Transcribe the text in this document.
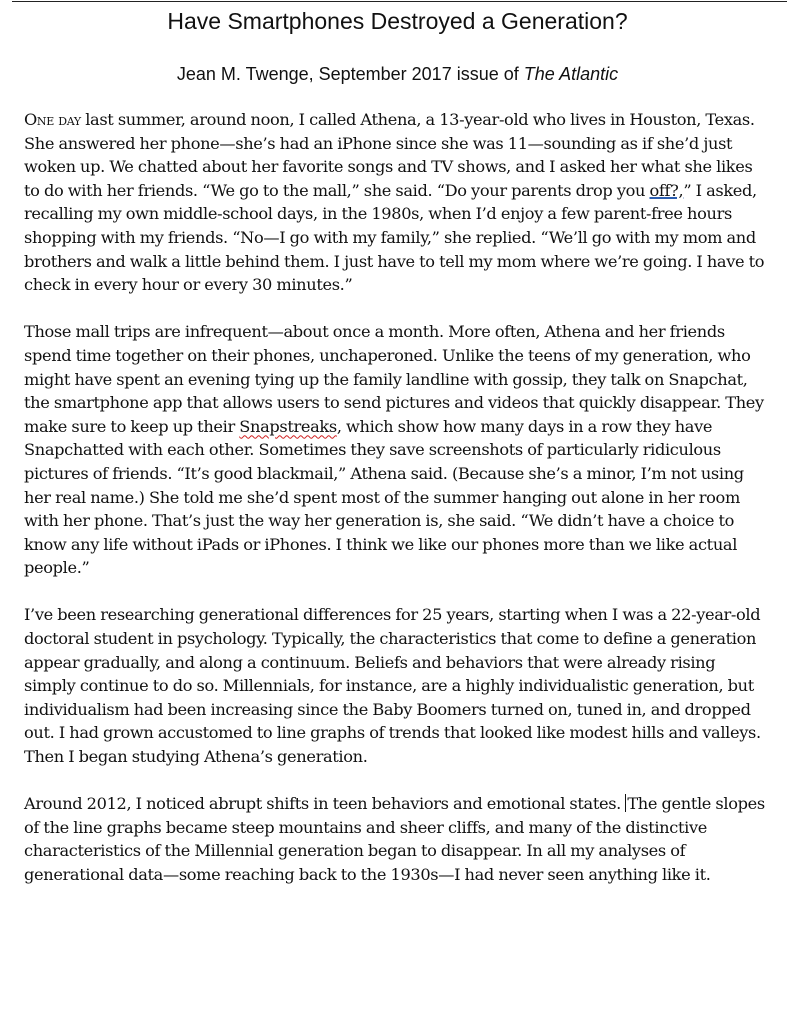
Have Smartphones Destroyed a Generation?
Jean M. Twenge, September 2017 issue of The Atlantic

One day last summer, around noon, I called Athena, a 13-year-old who lives in Houston, Texas. She answered her phone—she’s had an iPhone since she was 11—sounding as if she’d just woken up. We chatted about her favorite songs and TV shows, and I asked her what she likes to do with her friends. “We go to the mall,” she said. “Do your parents drop you off?,” I asked, recalling my own middle-school days, in the 1980s, when I’d enjoy a few parent-free hours shopping with my friends. “No—I go with my family,” she replied. “We’ll go with my mom and brothers and walk a little behind them. I just have to tell my mom where we’re going. I have to check in every hour or every 30 minutes.”

Those mall trips are infrequent—about once a month. More often, Athena and her friends spend time together on their phones, unchaperoned. Unlike the teens of my generation, who might have spent an evening tying up the family landline with gossip, they talk on Snapchat, the smartphone app that allows users to send pictures and videos that quickly disappear. They make sure to keep up their Snapstreaks, which show how many days in a row they have Snapchatted with each other. Sometimes they save screenshots of particularly ridiculous pictures of friends. “It’s good blackmail,” Athena said. (Because she’s a minor, I’m not using her real name.) She told me she’d spent most of the summer hanging out alone in her room with her phone. That’s just the way her generation is, she said. “We didn’t have a choice to know any life without iPads or iPhones. I think we like our phones more than we like actual people.”

I’ve been researching generational differences for 25 years, starting when I was a 22-year-old doctoral student in psychology. Typically, the characteristics that come to define a generation appear gradually, and along a continuum. Beliefs and behaviors that were already rising simply continue to do so. Millennials, for instance, are a highly individualistic generation, but individualism had been increasing since the Baby Boomers turned on, tuned in, and dropped out. I had grown accustomed to line graphs of trends that looked like modest hills and valleys. Then I began studying Athena’s generation.

Around 2012, I noticed abrupt shifts in teen behaviors and emotional states. The gentle slopes of the line graphs became steep mountains and sheer cliffs, and many of the distinctive characteristics of the Millennial generation began to disappear. In all my analyses of generational data—some reaching back to the 1930s—I had never seen anything like it.
